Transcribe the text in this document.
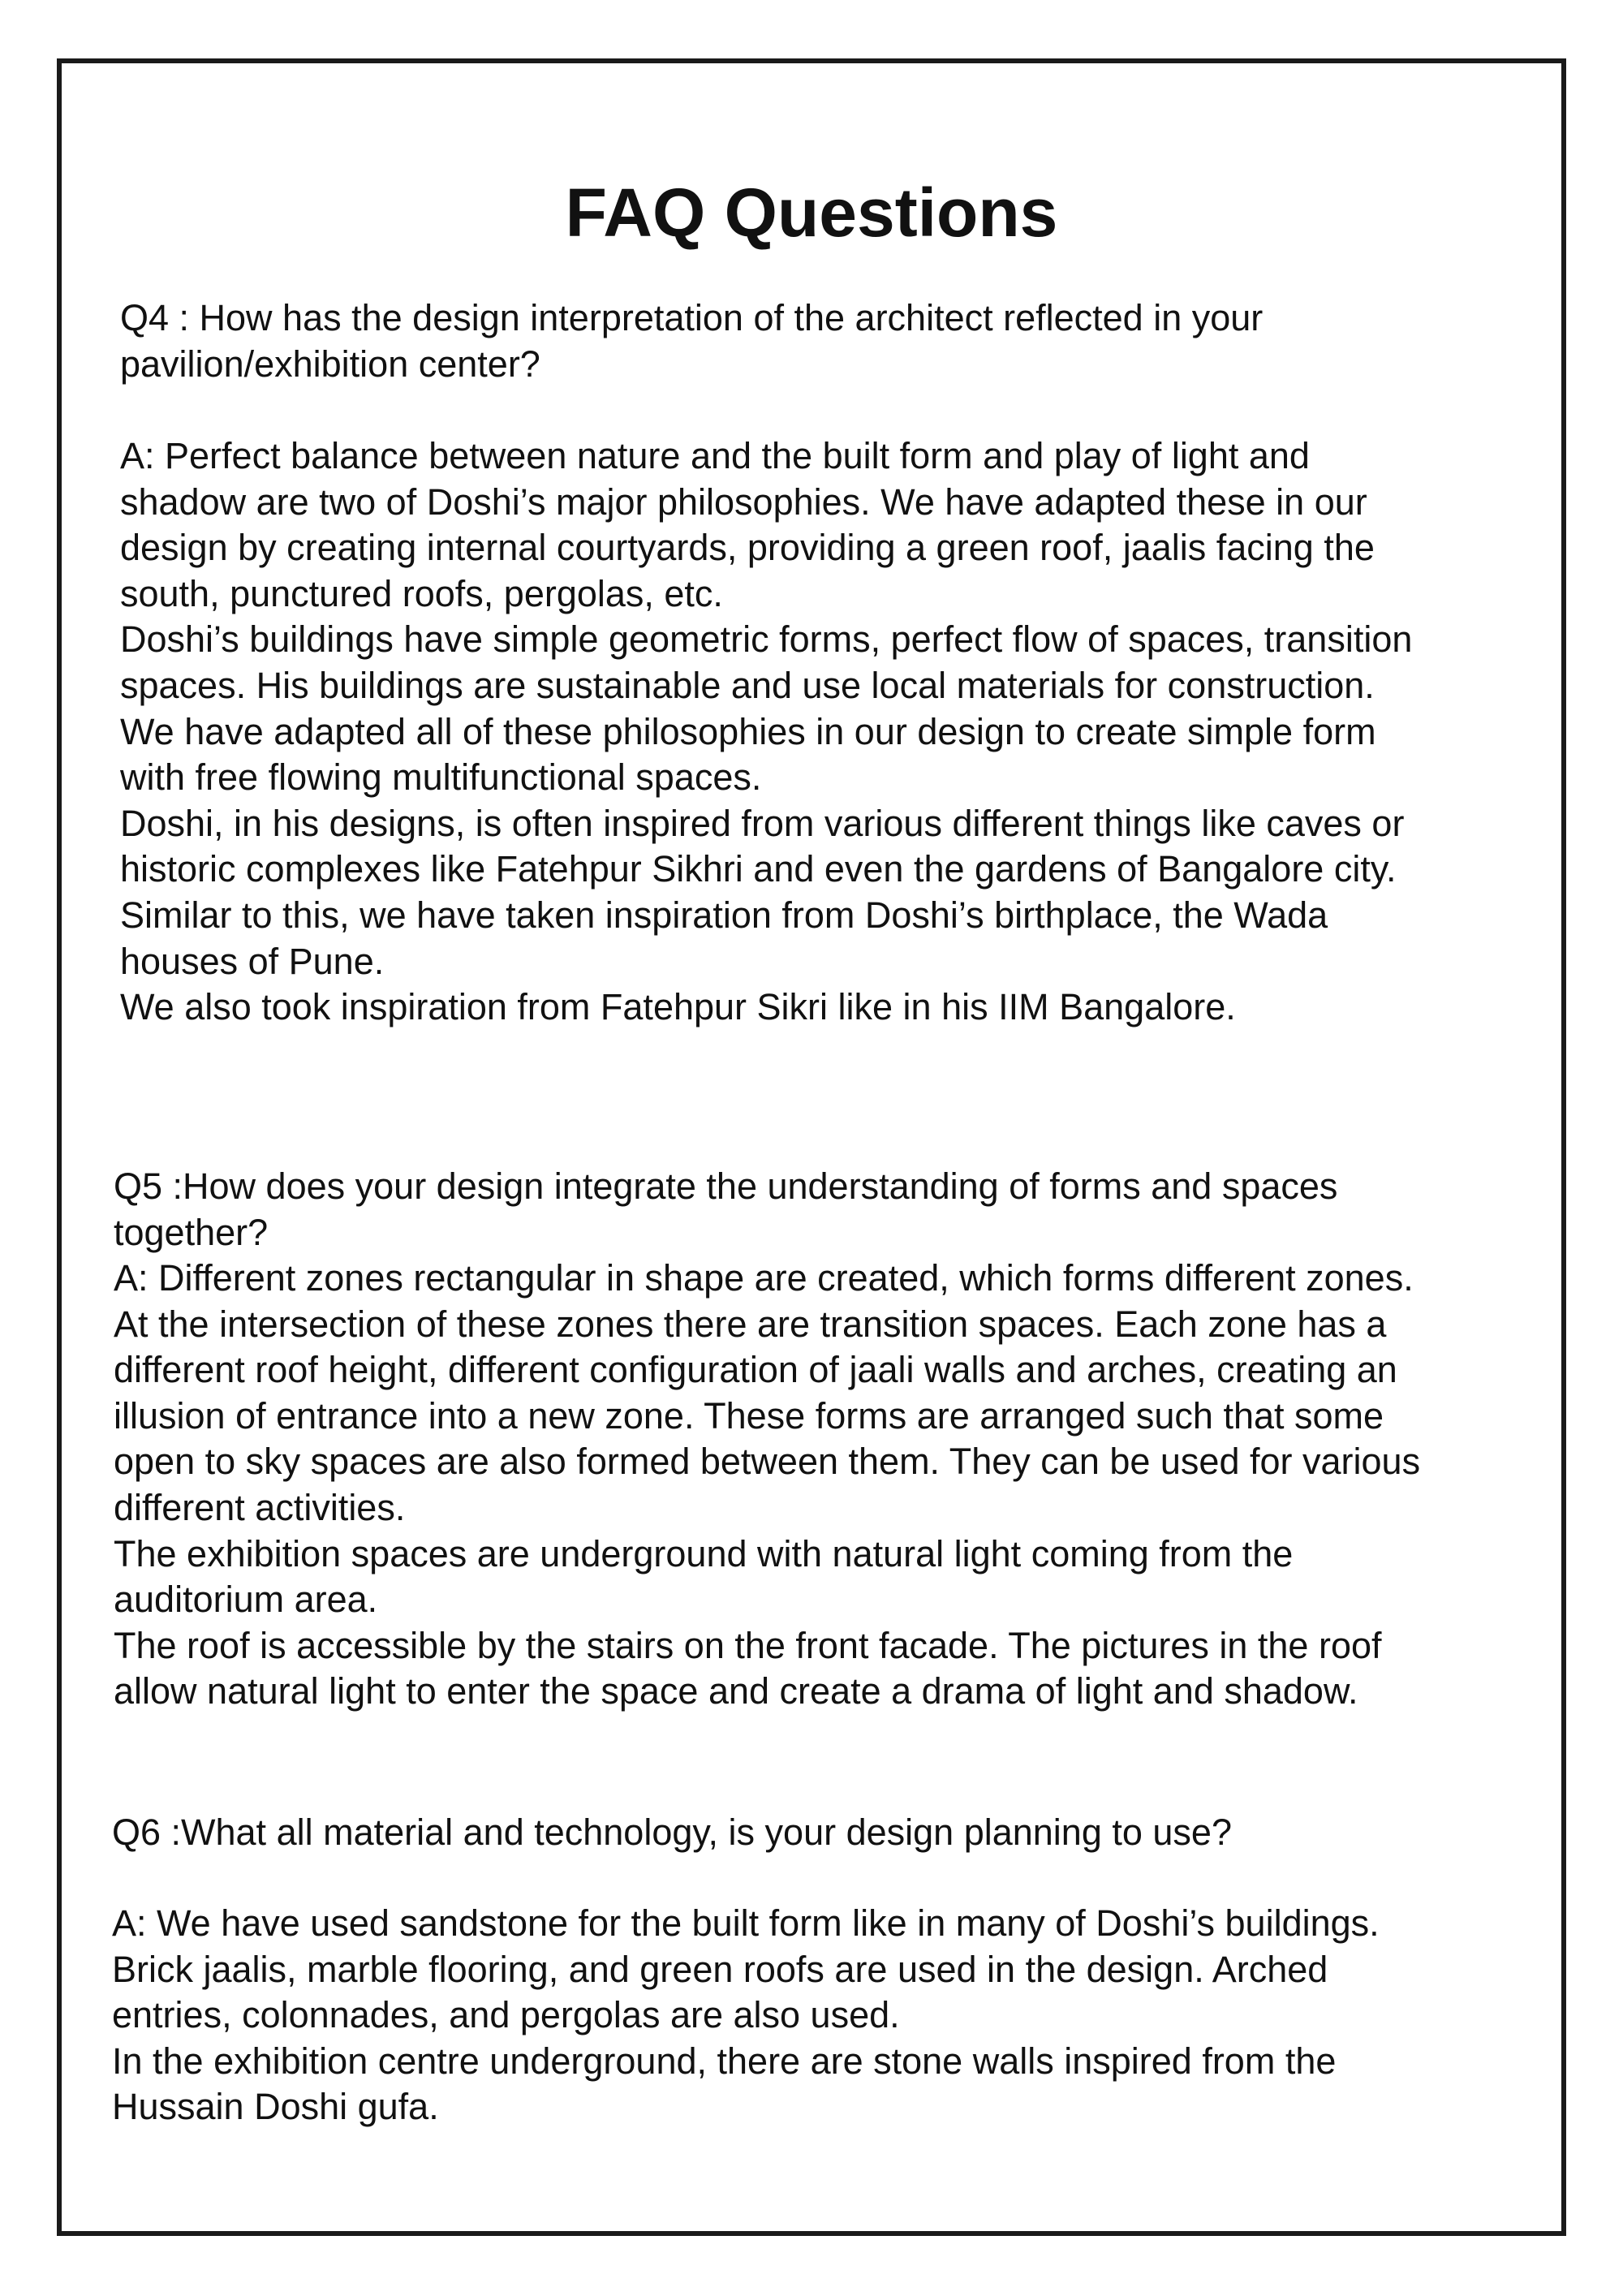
FAQ Questions

Q4 : How has the design interpretation of the architect reflected in your
pavilion/exhibition center?

A: Perfect balance between nature and the built form and play of light and
shadow are two of Doshi’s major philosophies. We have adapted these in our
design by creating internal courtyards, providing a green roof, jaalis facing the
south, punctured roofs, pergolas, etc.
Doshi’s buildings have simple geometric forms, perfect flow of spaces, transition
spaces. His buildings are sustainable and use local materials for construction.
We have adapted all of these philosophies in our design to create simple form
with free flowing multifunctional spaces.
Doshi, in his designs, is often inspired from various different things like caves or
historic complexes like Fatehpur Sikhri and even the gardens of Bangalore city.
Similar to this, we have taken inspiration from Doshi’s birthplace, the Wada
houses of Pune.
We also took inspiration from Fatehpur Sikri like in his IIM Bangalore.

Q5 :How does your design integrate the understanding of forms and spaces
together?

A: Different zones rectangular in shape are created, which forms different zones.
At the intersection of these zones there are transition spaces. Each zone has a
different roof height, different configuration of jaali walls and arches, creating an
illusion of entrance into a new zone. These forms are arranged such that some
open to sky spaces are also formed between them. They can be used for various
different activities.
The exhibition spaces are underground with natural light coming from the
auditorium area.
The roof is accessible by the stairs on the front facade. The pictures in the roof
allow natural light to enter the space and create a drama of light and shadow.

Q6 :What all material and technology, is your design planning to use?

A: We have used sandstone for the built form like in many of Doshi’s buildings.
Brick jaalis, marble flooring, and green roofs are used in the design. Arched
entries, colonnades, and pergolas are also used.
In the exhibition centre underground, there are stone walls inspired from the
Hussain Doshi gufa.
